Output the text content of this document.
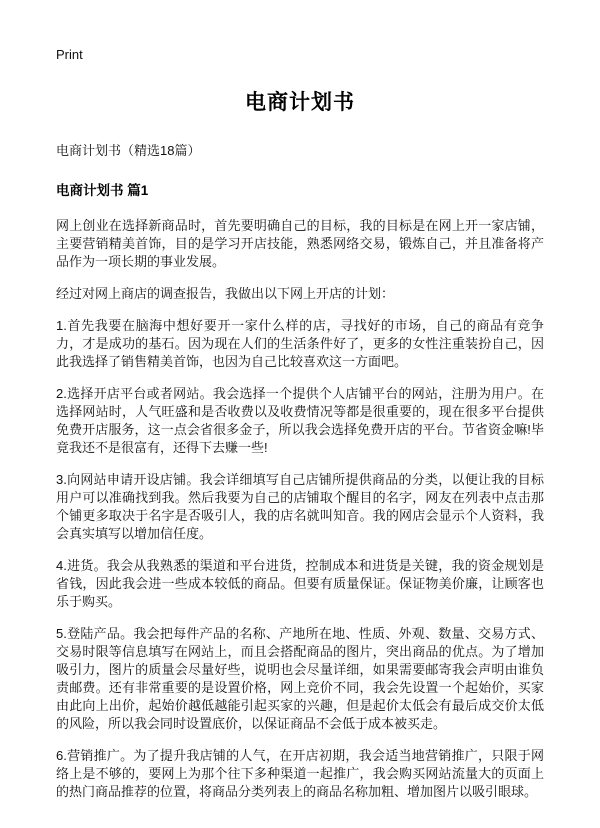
Print
电商计划书
电商计划书（精选18篇）
电商计划书 篇1

网上创业在选择新商品时，首先要明确自己的目标，我的目标是在网上开一家店铺，主要营销精美首饰，目的是学习开店技能，熟悉网络交易，锻炼自己，并且准备将产品作为一项长期的事业发展。

经过对网上商店的调查报告，我做出以下网上开店的计划：

1.首先我要在脑海中想好要开一家什么样的店，寻找好的市场，自己的商品有竞争力，才是成功的基石。因为现在人们的生活条件好了，更多的女性注重装扮自己，因此我选择了销售精美首饰，也因为自己比较喜欢这一方面吧。

2.选择开店平台或者网站。我会选择一个提供个人店铺平台的网站，注册为用户。在选择网站时，人气旺盛和是否收费以及收费情况等都是很重要的，现在很多平台提供免费开店服务，这一点会省很多金子，所以我会选择免费开店的平台。节省资金嘛!毕竟我还不是很富有，还得下去赚一些!

3.向网站申请开设店铺。我会详细填写自己店铺所提供商品的分类，以便让我的目标用户可以准确找到我。然后我要为自己的店铺取个醒目的名字，网友在列表中点击那个铺更多取决于名字是否吸引人，我的店名就叫知音。我的网店会显示个人资料，我会真实填写以增加信任度。

4.进货。我会从我熟悉的渠道和平台进货，控制成本和进货是关键，我的资金规划是省钱，因此我会进一些成本较低的商品。但要有质量保证。保证物美价廉，让顾客也乐于购买。

5.登陆产品。我会把每件产品的名称、产地所在地、性质、外观、数量、交易方式、交易时限等信息填写在网站上，而且会搭配商品的图片，突出商品的优点。为了增加吸引力，图片的质量会尽量好些，说明也会尽量详细，如果需要邮寄我会声明由谁负责邮费。还有非常重要的是设置价格，网上竞价不同，我会先设置一个起始价，买家由此向上出价，起始价越低越能引起买家的兴趣，但是起价太低会有最后成交价太低的风险，所以我会同时设置底价，以保证商品不会低于成本被买走。

6.营销推广。为了提升我店铺的人气，在开店初期，我会适当地营销推广，只限于网络上是不够的，要网上为那个往下多种渠道一起推广，我会购买网站流量大的页面上的热门商品推荐的位置，将商品分类列表上的商品名称加粗、增加图片以吸引眼球。
